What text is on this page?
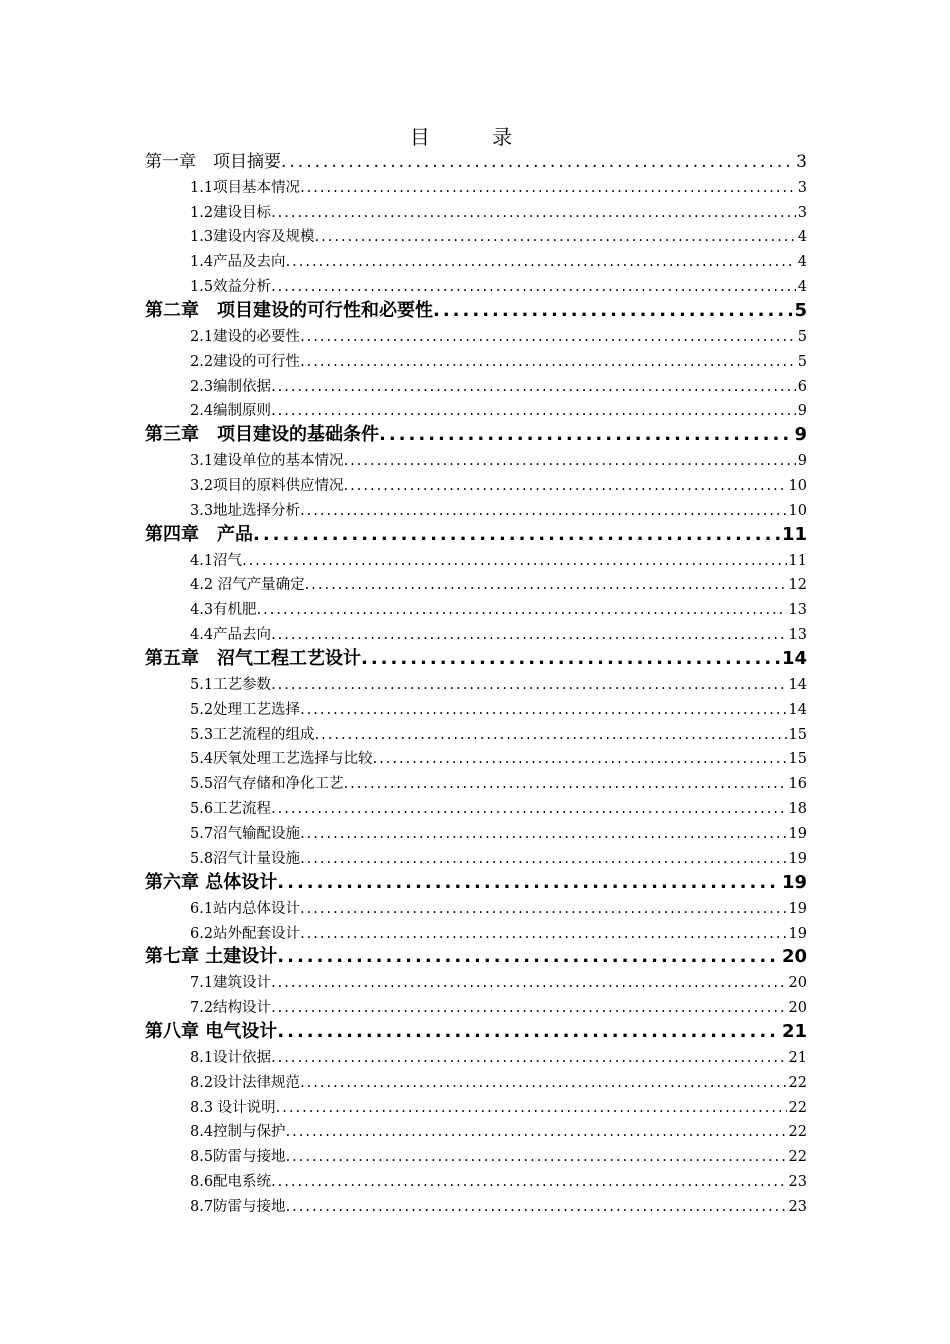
目 录
第一章　项目摘要 .....	3
1.1项目基本情况 .....	3
1.2建设目标 .....	3
1.3建设内容及规模 .....	4
1.4产品及去向 .....	4
1.5效益分析 .....	4
第二章　项目建设的可行性和必要性 .....	5
2.1建设的必要性 .....	5
2.2建设的可行性 .....	5
2.3编制依据 .....	6
2.4编制原则 .....	9
第三章　项目建设的基础条件 .....	9
3.1建设单位的基本情况 .....	9
3.2项目的原料供应情况 .....	10
3.3地址选择分析 .....	10
第四章　产品 .....	11
4.1沼气 .....	11
4.2 沼气产量确定 .....	12
4.3有机肥 .....	13
4.4产品去向 .....	13
第五章　沼气工程工艺设计 .....	14
5.1工艺参数 .....	14
5.2处理工艺选择 .....	14
5.3工艺流程的组成 .....	15
5.4厌氧处理工艺选择与比较 .....	15
5.5沼气存储和净化工艺 .....	16
5.6工艺流程 .....	18
5.7沼气输配设施 .....	19
5.8沼气计量设施 .....	19
第六章 总体设计 .....	19
6.1站内总体设计 .....	19
6.2站外配套设计 .....	19
第七章 土建设计 .....	20
7.1建筑设计 .....	20
7.2结构设计 .....	20
第八章 电气设计 .....	21
8.1设计依据 .....	21
8.2设计法律规范 .....	22
8.3 设计说明 .....	22
8.4控制与保护 .....	22
8.5防雷与接地 .....	22
8.6配电系统 .....	23
8.7防雷与接地 .....	23
